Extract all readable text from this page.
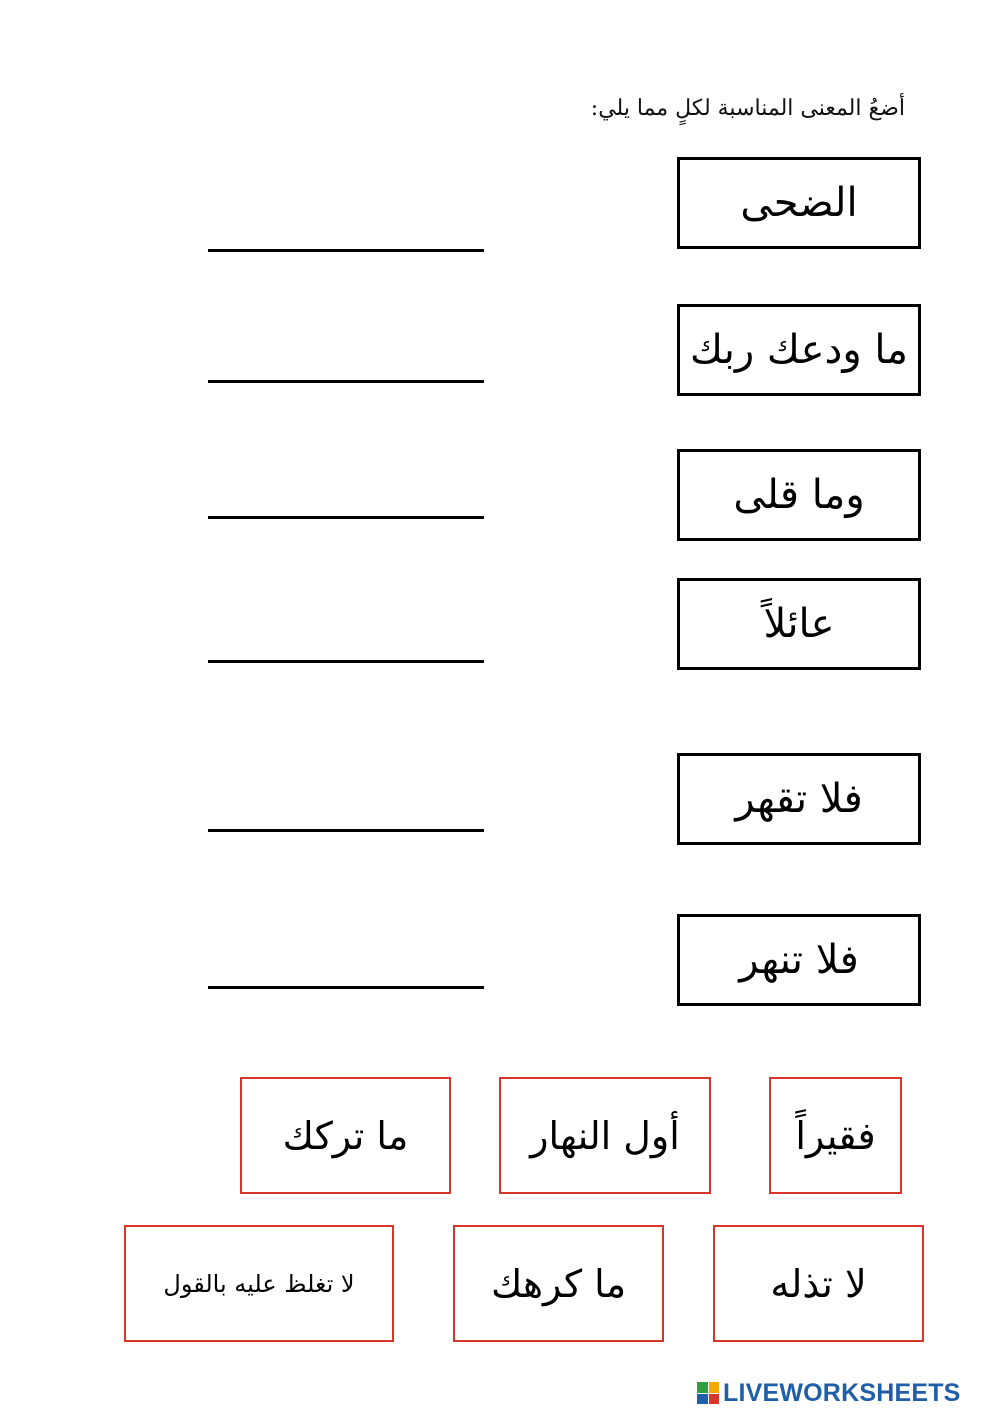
أضعُ المعنى المناسبة لكلٍ مما يلي:
الضحى
ما ودعك ربك
وما قلى
عائلاً
فلا تقهر
فلا تنهر
فقيراً
أول النهار
ما تركك
لا تذله
ما كرهك
لا تغلظ عليه بالقول
LIVEWORKSHEETS
